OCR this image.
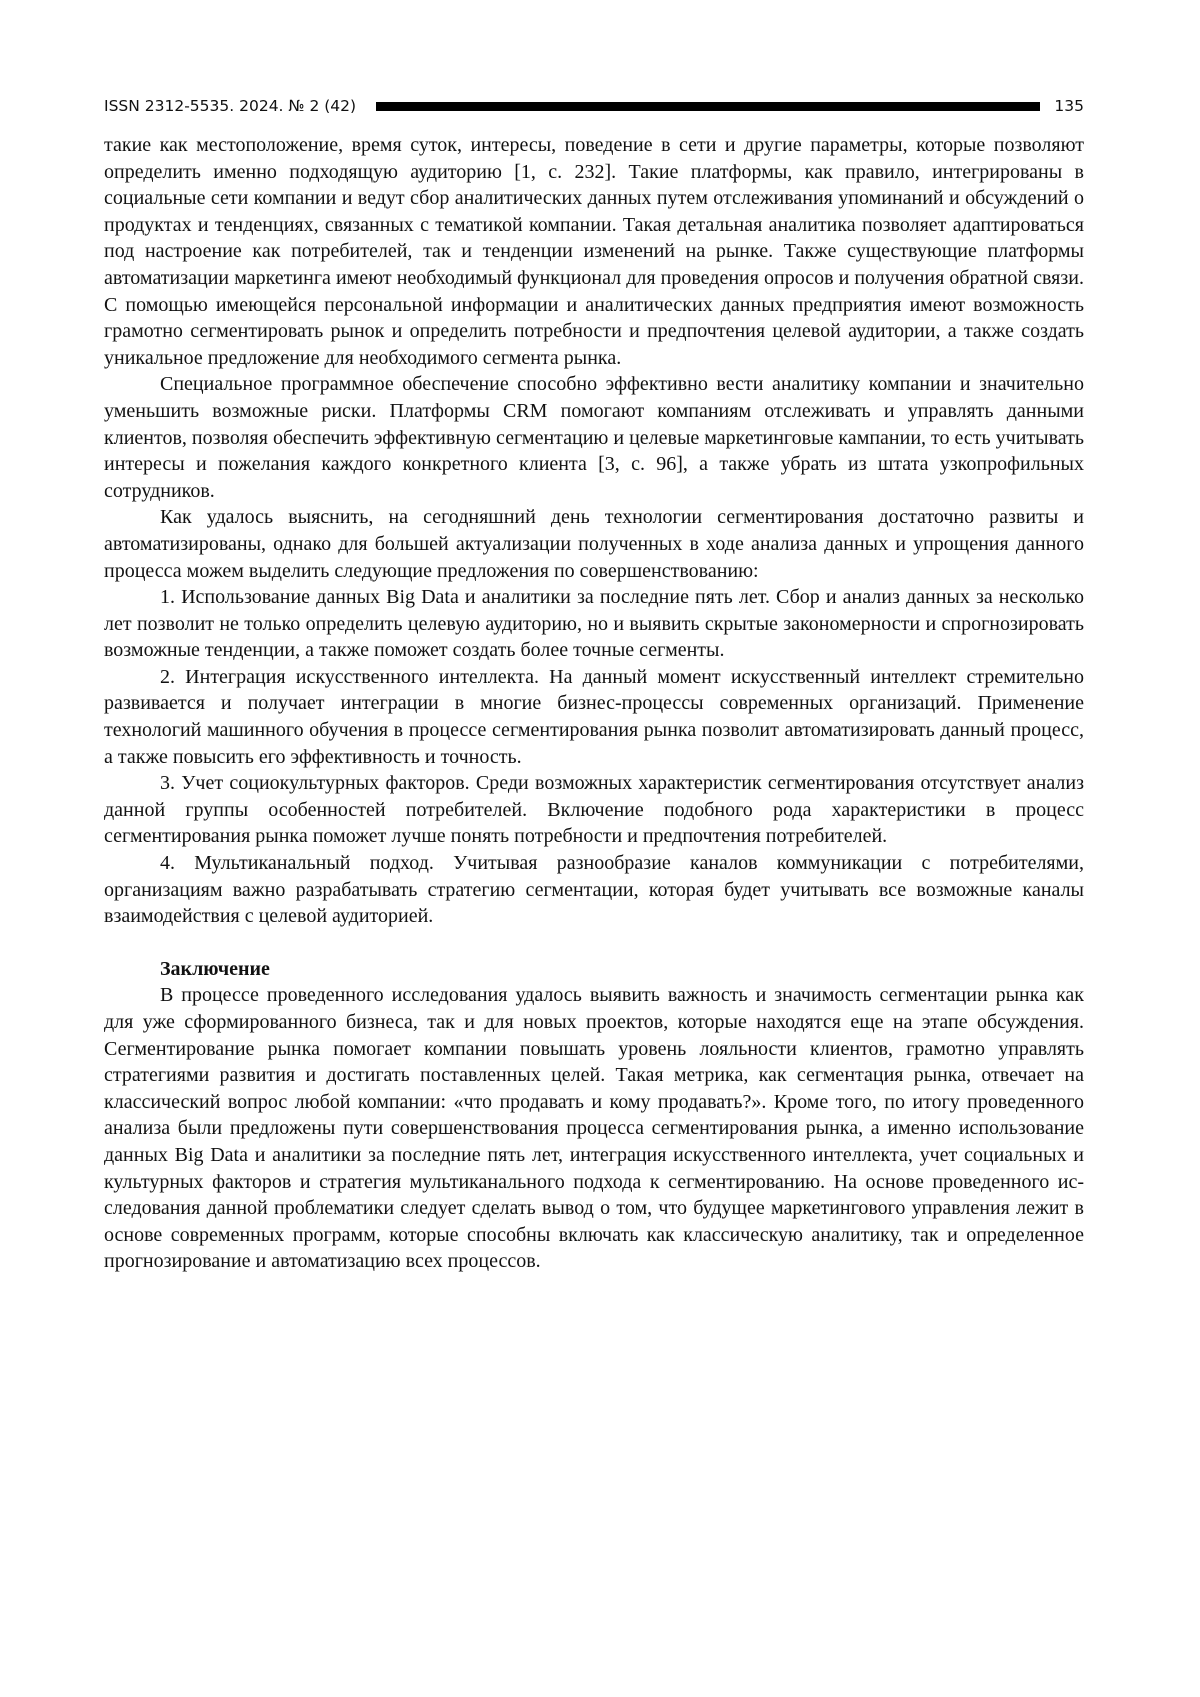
ISSN 2312-5535. 2024. № 2 (42)	135

такие как местоположение, время суток, интересы, поведение в сети и другие параметры, которые позволяют определить именно подходящую аудиторию [1, с. 232]. Такие платформы, как правило, интегрированы в социальные сети компании и ведут сбор аналитических данных путем отслеживания упоминаний и обсуждений о продуктах и тенденциях, связанных с тематикой компании. Такая детальная аналитика позволяет адаптироваться под настроение как потребителей, так и тенденции изменений на рынке. Также существующие платформы автоматизации маркетинга имеют необходимый функционал для проведения опросов и получения обратной связи. С помощью имеющейся персональной информации и аналитических данных предприятия имеют возможность грамотно сегментировать рынок и определить потребности и предпочтения целевой аудитории, а также создать уникальное предложение для необходимого сегмента рынка.

Специальное программное обеспечение способно эффективно вести аналитику компании и значительно уменьшить возможные риски. Платформы CRM помогают компаниям отслеживать и управлять данными клиентов, позволяя обеспечить эффективную сегментацию и целевые маркетинговые кампании, то есть учитывать интересы и пожелания каждого конкретного клиента [3, с. 96], а также убрать из штата узкопрофильных сотрудников.

Как удалось выяснить, на сегодняшний день технологии сегментирования достаточно развиты и автоматизированы, однако для большей актуализации полученных в ходе анализа данных и упрощения данного процесса можем выделить следующие предложения по совершенствованию:

1. Использование данных Big Data и аналитики за последние пять лет. Сбор и анализ данных за несколько лет позволит не только определить целевую аудиторию, но и выявить скрытые закономерности и спрогнозировать возможные тенденции, а также поможет создать более точные сегменты.

2. Интеграция искусственного интеллекта. На данный момент искусственный интеллект стремительно развивается и получает интеграции в многие бизнес-процессы современных организаций. Применение технологий машинного обучения в процессе сегментирования рынка позволит автоматизировать данный процесс, а также повысить его эффективность и точность.

3. Учет социокультурных факторов. Среди возможных характеристик сегментирования отсутствует анализ данной группы особенностей потребителей. Включение подобного рода характеристики в процесс сегментирования рынка поможет лучше понять потребности и предпочтения потребителей.

4. Мультиканальный подход. Учитывая разнообразие каналов коммуникации с потребителями, организациям важно разрабатывать стратегию сегментации, которая будет учитывать все возможные каналы взаимодействия с целевой аудиторией.

Заключение

В процессе проведенного исследования удалось выявить важность и значимость сегментации рынка как для уже сформированного бизнеса, так и для новых проектов, которые находятся еще на этапе обсуждения. Сегментирование рынка помогает компании повышать уровень лояльности клиентов, грамотно управлять стратегиями развития и достигать поставленных целей. Такая метрика, как сегментация рынка, отвечает на классический вопрос любой компании: «что продавать и кому продавать?». Кроме того, по итогу проведенного анализа были предложены пути совершенствования процесса сегментирования рынка, а именно использование данных Big Data и аналитики за последние пять лет, интеграция искусственного интеллекта, учет социальных и культурных факторов и стратегия мультиканального подхода к сегментированию. На основе проведенного исследования данной проблематики следует сделать вывод о том, что будущее маркетингового управления лежит в основе современных программ, которые способны включать как классическую аналитику, так и определенное прогнозирование и автоматизацию всех процессов.
